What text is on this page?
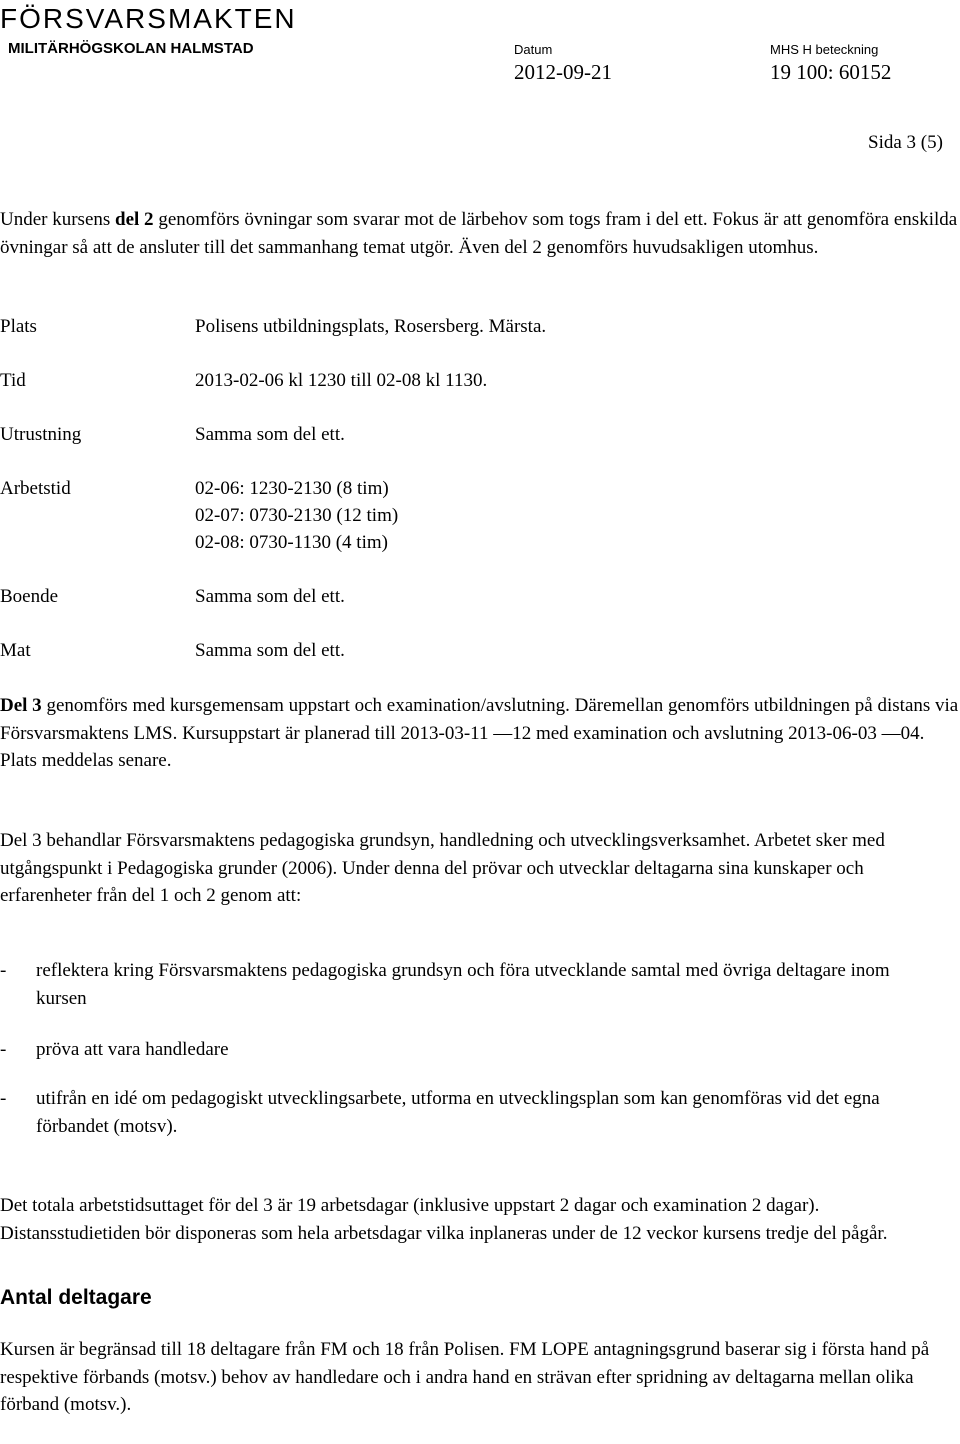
FÖRSVARSMAKTEN
MILITÄRHÖGSKOLAN HALMSTAD	Datum
2012-09-21
MHS H beteckning
19 100: 60152
Sida 3 (5)
Under kursens del 2 genomförs övningar som svarar mot de lärbehov som togs fram i del ett. Fokus är att genomföra enskilda övningar så att de ansluter till det sammanhang temat utgör. Även del 2 genomförs huvudsakligen utomhus.
Plats	Polisens utbildningsplats, Rosersberg. Märsta.
Tid	2013-02-06 kl 1230 till 02-08 kl 1130.
Utrustning	Samma som del ett.
Arbetstid	02-06: 1230-2130 (8 tim)
02-07: 0730-2130 (12 tim)
02-08: 0730-1130 (4 tim)
Boende	Samma som del ett.
Mat	Samma som del ett.
Del 3 genomförs med kursgemensam uppstart och examination/avslutning. Däremellan genomförs utbildningen på distans via Försvarsmaktens LMS. Kursuppstart är planerad till 2013-03-11 ―12 med examination och avslutning 2013-06-03 ―04. Plats meddelas senare.
Del 3 behandlar Försvarsmaktens pedagogiska grundsyn, handledning och utvecklingsverksamhet. Arbetet sker med utgångspunkt i Pedagogiska grunder (2006). Under denna del prövar och utvecklar deltagarna sina kunskaper och erfarenheter från del 1 och 2 genom att:
- reflektera kring Försvarsmaktens pedagogiska grundsyn och föra utvecklande samtal med övriga deltagare inom kursen
- pröva att vara handledare
- utifrån en idé om pedagogiskt utvecklingsarbete, utforma en utvecklingsplan som kan genomföras vid det egna förbandet (motsv).
Det totala arbetstidsuttaget för del 3 är 19 arbetsdagar (inklusive uppstart 2 dagar och examination 2 dagar). Distansstudietiden bör disponeras som hela arbetsdagar vilka inplaneras under de 12 veckor kursens tredje del pågår.
Antal deltagare
Kursen är begränsad till 18 deltagare från FM och 18 från Polisen. FM LOPE antagningsgrund baserar sig i första hand på respektive förbands (motsv.) behov av handledare och i andra hand en strävan efter spridning av deltagarna mellan olika förband (motsv.).
